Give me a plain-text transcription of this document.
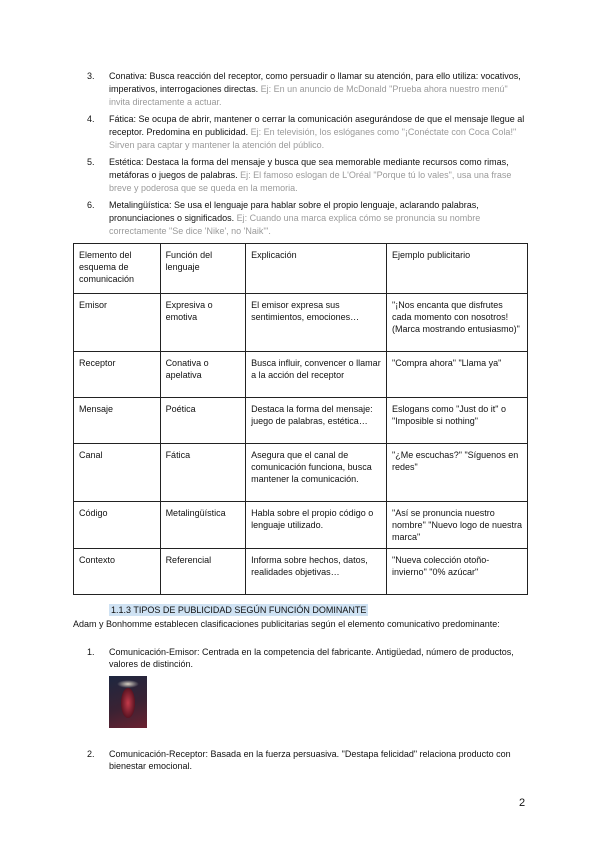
3. Conativa: Busca reacción del receptor, como persuadir o llamar su atención, para ello utiliza: vocativos, imperativos, interrogaciones directas. Ej: En un anuncio de McDonald "Prueba ahora nuestro menú" invita directamente a actuar.
4. Fática: Se ocupa de abrir, mantener o cerrar la comunicación asegurándose de que el mensaje llegue al receptor. Predomina en publicidad. Ej: En televisión, los eslóganes como "¡Conéctate con Coca Cola!" Sirven para captar y mantener la atención del público.
5. Estética: Destaca la forma del mensaje y busca que sea memorable mediante recursos como rimas, metáforas o juegos de palabras. Ej: El famoso eslogan de L'Oréal "Porque tú lo vales", usa una frase breve y poderosa que se queda en la memoria.
6. Metalingüística: Se usa el lenguaje para hablar sobre el propio lenguaje, aclarando palabras, pronunciaciones o significados. Ej: Cuando una marca explica cómo se pronuncia su nombre correctamente "Se dice 'Nike', no 'Naik'".
Elemento del esquema de comunicación	Función del lenguaje	Explicación	Ejemplo publicitario
Emisor	Expresiva o emotiva	El emisor expresa sus sentimientos, emociones…	"¡Nos encanta que disfrutes cada momento con nosotros! (Marca mostrando entusiasmo)"
Receptor	Conativa o apelativa	Busca influir, convencer o llamar a la acción del receptor	"Compra ahora" "Llama ya"
Mensaje	Poética	Destaca la forma del mensaje: juego de palabras, estética…	Eslogans como "Just do it" o "Imposible si nothing"
Canal	Fática	Asegura que el canal de comunicación funciona, busca mantener la comunicación.	"¿Me escuchas?" "Síguenos en redes"
Código	Metalingüística	Habla sobre el propio código o lenguaje utilizado.	"Así se pronuncia nuestro nombre" "Nuevo logo de nuestra marca"
Contexto	Referencial	Informa sobre hechos, datos, realidades objetivas…	"Nueva colección otoño-invierno" "0% azúcar"
1.1.3 TIPOS DE PUBLICIDAD SEGÚN FUNCIÓN DOMINANTE
Adam y Bonhomme establecen clasificaciones publicitarias según el elemento comunicativo predominante:
1. Comunicación-Emisor: Centrada en la competencia del fabricante. Antigüedad, número de productos, valores de distinción.
2. Comunicación-Receptor: Basada en la fuerza persuasiva. "Destapa felicidad" relaciona producto con bienestar emocional.
2
